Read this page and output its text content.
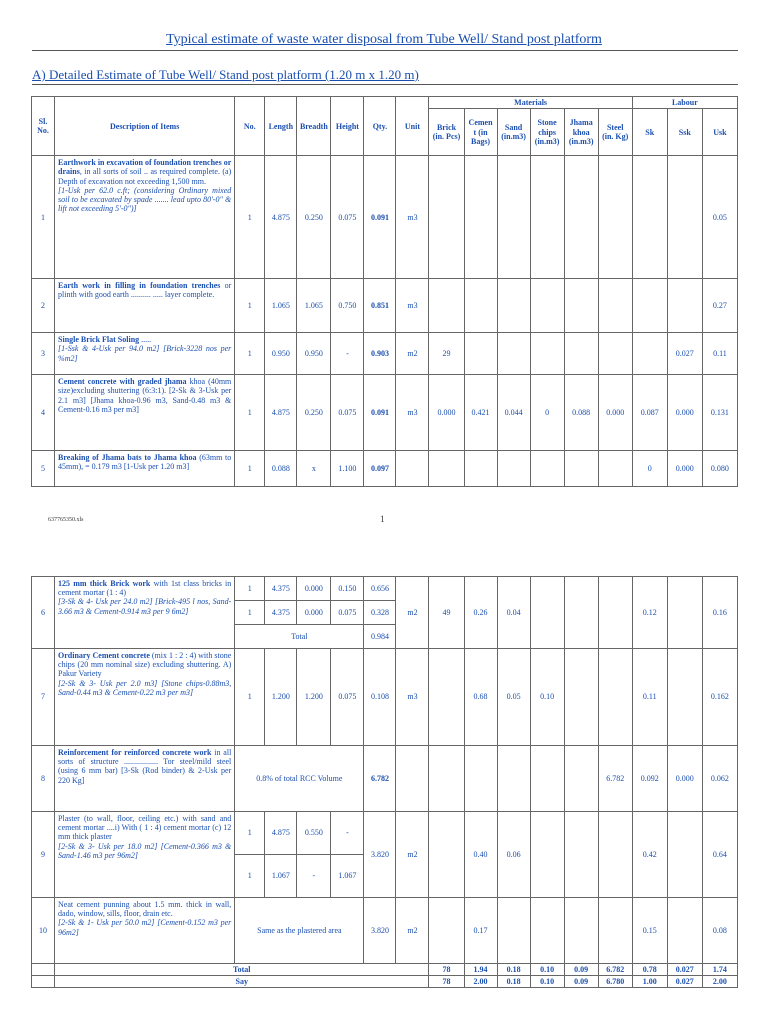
Typical estimate of waste water disposal from Tube Well/ Stand post platform
A) Detailed Estimate of Tube Well/ Stand post platform (1.20 m x 1.20 m)
Sl. No.	Description of Items	No.	Length	Breadth	Height	Qty.	Unit	Materials						Labour		
								Brick (in. Pcs)	Cemen t (in Bags)	Sand (in.m3)	Stone chips (in.m3)	Jhama khoa (in.m3)	Steel (in. Kg)	Sk	Ssk	Usk
1	Earthwork in excavation of foundation trenches or drains, in all sorts of soil .. as required complete. (a) Depth of excavation not exceeding 1,500 mm.
[1-Usk per 62.0 c.ft; (considering Ordinary mixed soil to be excavated by spade ....... lead upto 80'-0" & lift not exceeding 5'-0")]	1	4.875	0.250	0.075	0.091	m3									0.05
2	Earth work in filling in foundation trenches or plinth with good earth .......... ..... layer complete.	1	1.065	1.065	0.750	0.851	m3									0.27
3	Single Brick Flat Soling .....
[1-Ssk & 4-Usk per 94.0 m2] [Brick-3228 nos per %m2]	1	0.950	0.950	-	0.903	m2	29							0.027	0.11
4	Cement concrete with graded jhama khoa (40mm size)excluding shuttering (6:3:1). [2-Sk & 3-Usk per 2.1 m3] [Jhama khoa-0.96 m3, Sand-0.48 m3 & Cement-0.16 m3 per m3]	1	4.875	0.250	0.075	0.091	m3	0.000	0.421	0.044	0	0.088	0.000	0.087	0.000	0.131
5	Breaking of Jhama bats to Jhama khoa (63mm to 45mm), = 0.179 m3 [1-Usk per 1.20 m3]	1	0.088	x	1.100	0.097								0	0.000	0.080
637765350.xls	1
6	125 mm thick Brick work with 1st class bricks in cement mortar (1 : 4)
[3-Sk & 4- Usk per 24.0 m2] [Brick-495 l nos, Sand-3.66 m3 & Cement-0.914 m3 per 9 6m2]	1	4.375	0.000	0.150	0.656	m2	49	0.26	0.04				0.12		0.16
		1	4.375	0.000	0.075	0.328										
		Total				0.984										
7	Ordinary Cement concrete (mix 1 : 2 : 4) with stone chips (20 mm nominal size) excluding shuttering. A) Pakur Variety
[2-Sk & 3- Usk per 2.0 m3] [Stone chips-0.88m3, Sand-0.44 m3 & Cement-0.22 m3 per m3]	1	1.200	1.200	0.075	0.108	m3		0.68	0.05	0.10			0.11		0.162
8	Reinforcement for reinforced concrete work in all sorts of structure ................. Tor steel/mild steel (using 6 mm bar) [3-Sk (Rod binder) & 2-Usk per 220 Kg]	0.8% of total RCC Volume				6.782							6.782	0.092	0.000	0.062
9	Plaster (to wall, floor, ceiling etc.) with sand and cement mortar ....i) With ( 1 : 4) cement mortar (c) 12 mm thick plaster
[2-Sk & 3- Usk per 18.0 m2] [Cement-0.366 m3 & Sand-1.46 m3 per 96m2]	1	4.875	0.550	-	3.820	m2		0.40	0.06				0.42		0.64
		1	1.067	-	1.067											
10	Neat cement punning about 1.5 mm. thick in wall, dado, window, sills, floor, drain etc.
[2-Sk & 1- Usk per 50.0 m2] [Cement-0.152 m3 per 96m2]	Same as the plastered area				3.820	m2		0.17					0.15		0.08
	Total							78	1.94	0.18	0.10	0.09	6.782	0.78	0.027	1.74
	Say							78	2.00	0.18	0.10	0.09	6.780	1.00	0.027	2.00
